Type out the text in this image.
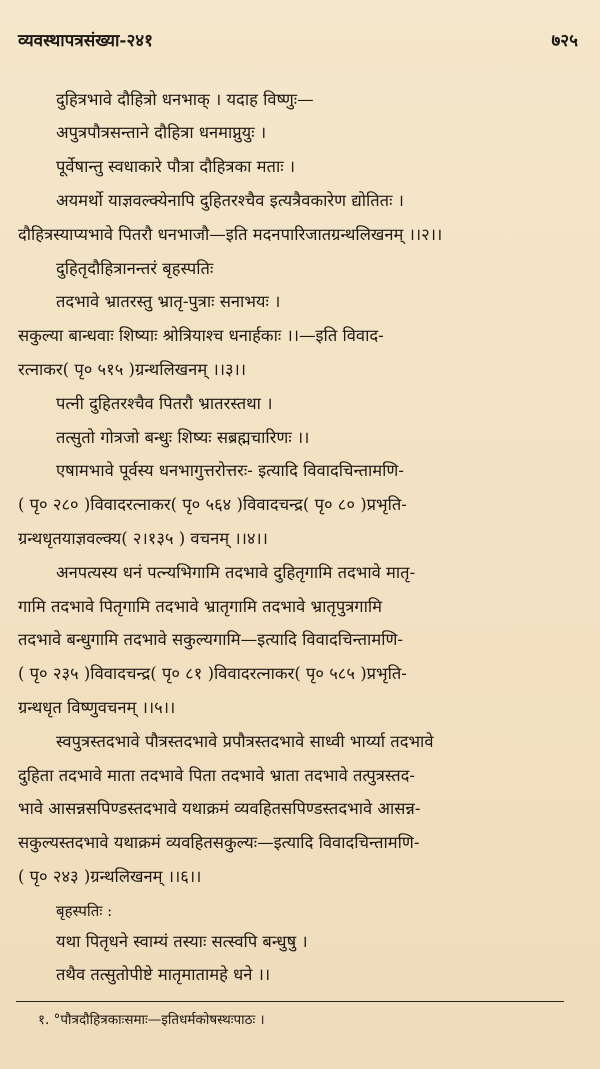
व्यवस्थापत्रसंख्या-२४१	७२५
दुहित्रभावे दौहित्रो धनभाक् । यदाह विष्णुः—
अपुत्रपौत्रसन्ताने दौहित्रा धनमाप्नुयुः ।
पूर्वेषान्तु स्वधाकारे पौत्रा दौहित्रका मताः ।
अयमर्थो याज्ञवल्क्येनापि दुहितरश्चैव इत्यत्रैवकारेण द्योतितः ।
दौहित्रस्याप्यभावे पितरौ धनभाजौ—इति मदनपारिजातग्रन्थलिखनम् ।।२।।
दुहितृदौहित्रानन्तरं बृहस्पतिः
तदभावे भ्रातरस्तु भ्रातृ-पुत्राः सनाभयः ।
सकुल्या बान्धवाः शिष्याः श्रोत्रियाश्च धनार्हकाः ।।—इति विवाद-
रत्नाकर( पृ० ५१५ )ग्रन्थलिखनम् ।।३।।
पत्नी दुहितरश्चैव पितरौ भ्रातरस्तथा ।
तत्सुतो गोत्रजो बन्धुः शिष्यः सब्रह्मचारिणः ।।
एषामभावे पूर्वस्य धनभागुत्तरोत्तरः- इत्यादि विवादचिन्तामणि-
( पृ० २८० )विवादरत्नाकर( पृ० ५६४ )विवादचन्द्र( पृ० ८० )प्रभृति-
ग्रन्थधृतयाज्ञवल्क्य( २।१३५ ) वचनम् ।।४।।
अनपत्यस्य धनं पत्न्यभिगामि तदभावे दुहितृगामि तदभावे मातृ-
गामि तदभावे पितृगामि तदभावे भ्रातृगामि तदभावे भ्रातृपुत्रगामि
तदभावे बन्धुगामि तदभावे सकुल्यगामि—इत्यादि विवादचिन्तामणि-
( पृ० २३५ )विवादचन्द्र( पृ० ८१ )विवादरत्नाकर( पृ० ५८५ )प्रभृति-
ग्रन्थधृत विष्णुवचनम् ।।५।।
स्वपुत्रस्तदभावे पौत्रस्तदभावे प्रपौत्रस्तदभावे साध्वी भार्य्या तदभावे
दुहिता तदभावे माता तदभावे पिता तदभावे भ्राता तदभावे तत्पुत्रस्तद-
भावे आसन्नसपिण्डस्तदभावे यथाक्रमं व्यवहितसपिण्डस्तदभावे आसन्न-
सकुल्यस्तदभावे यथाक्रमं व्यवहितसकुल्यः—इत्यादि विवादचिन्तामणि-
( पृ० २४३ )ग्रन्थलिखनम् ।।६।।
बृहस्पतिः :
यथा पितृधने स्वाम्यं तस्याः सत्स्वपि बन्धुषु ।
तथैव तत्सुतोपीष्टे मातृमातामहे धने ।।
१. °पौत्रदौहित्रकाःसमाः—इतिधर्मकोषस्थःपाठः ।
